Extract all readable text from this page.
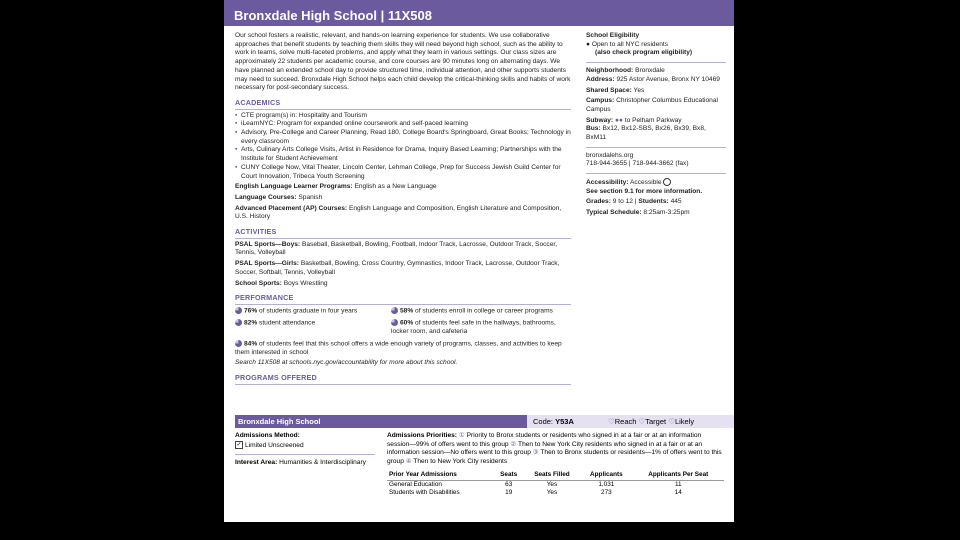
Bronxdale High School | 11X508
Our school fosters a realistic, relevant, and hands-on learning experience for students. We use collaborative approaches that benefit students by teaching them skills they will need beyond high school, such as the ability to work in teams, solve multi-faceted problems, and apply what they learn in various settings. Our class sizes are approximately 22 students per academic course, and core courses are 90 minutes long on alternating days. We have planned an extended school day to provide structured time, individual attention, and other supports students may need to succeed. Bronxdale High School helps each child develop the critical-thinking skills and habits of work necessary for post-secondary success.
ACADEMICS
▪ CTE program(s) in: Hospitality and Tourism
▪ iLearnNYC: Program for expanded online coursework and self-paced learning
▪ Advisory, Pre-College and Career Planning, Read 180, College Board's Springboard, Great Books; Technology in every classroom
▪ Arts, Culinary Arts College Visits, Artist in Residence for Drama, Inquiry Based Learning; Partnerships with the Institute for Student Achievement
▪ CUNY College Now, Vital Theater, Lincoln Center, Lehman College, Prep for Success Jewish Guild Center for Court Innovation, Tribeca Youth Screening
English Language Learner Programs: English as a New Language
Language Courses: Spanish
Advanced Placement (AP) Courses: English Language and Composition, English Literature and Composition, U.S. History
ACTIVITIES
PSAL Sports—Boys: Baseball, Basketball, Bowling, Football, Indoor Track, Lacrosse, Outdoor Track, Soccer, Tennis, Volleyball
PSAL Sports—Girls: Basketball, Bowling, Cross Country, Gymnastics, Indoor Track, Lacrosse, Outdoor Track, Soccer, Softball, Tennis, Volleyball
School Sports: Boys Wrestling
PERFORMANCE
76% of students graduate in four years	58% of students enroll in college or career programs
82% student attendance	60% of students feel safe in the hallways, bathrooms, locker room, and cafeteria
84% of students feel that this school offers a wide enough variety of programs, classes, and activities to keep them interested in school
Search 11X508 at schools.nyc.gov/accountability for more about this school.
PROGRAMS OFFERED
School Eligibility
● Open to all NYC residents
(also check program eligibility)
Neighborhood: Bronxdale
Address: 925 Astor Avenue, Bronx NY 10469
Shared Space: Yes
Campus: Christopher Columbus Educational Campus
Subway: ●● to Pelham Parkway
Bus: Bx12, Bx12-SBS, Bx26, Bx39, Bx8, BxM11
bronxdalehs.org
718-944-3655 | 718-944-3662 (fax)
Accessibility: Accessible
See section 9.1 for more information.
Grades: 9 to 12 | Students: 445
Typical Schedule: 8:25am-3:25pm
Bronxdale High School	Code: Y53A	♡Reach ♡Target ♡Likely
Admissions Method:
✓ Limited Unscreened
Interest Area: Humanities & Interdisciplinary
Admissions Priorities: ① Priority to Bronx students or residents who signed in at a fair or at an information session—99% of offers went to this group ② Then to New York City residents who signed in at a fair or at an information session—No offers went to this group ③ Then to Bronx students or residents—1% of offers went to this group ④ Then to New York City residents
Prior Year Admissions	Seats	Seats Filled	Applicants	Applicants Per Seat
General Education	63	Yes	1,031	11
Students with Disabilities	19	Yes	273	14
